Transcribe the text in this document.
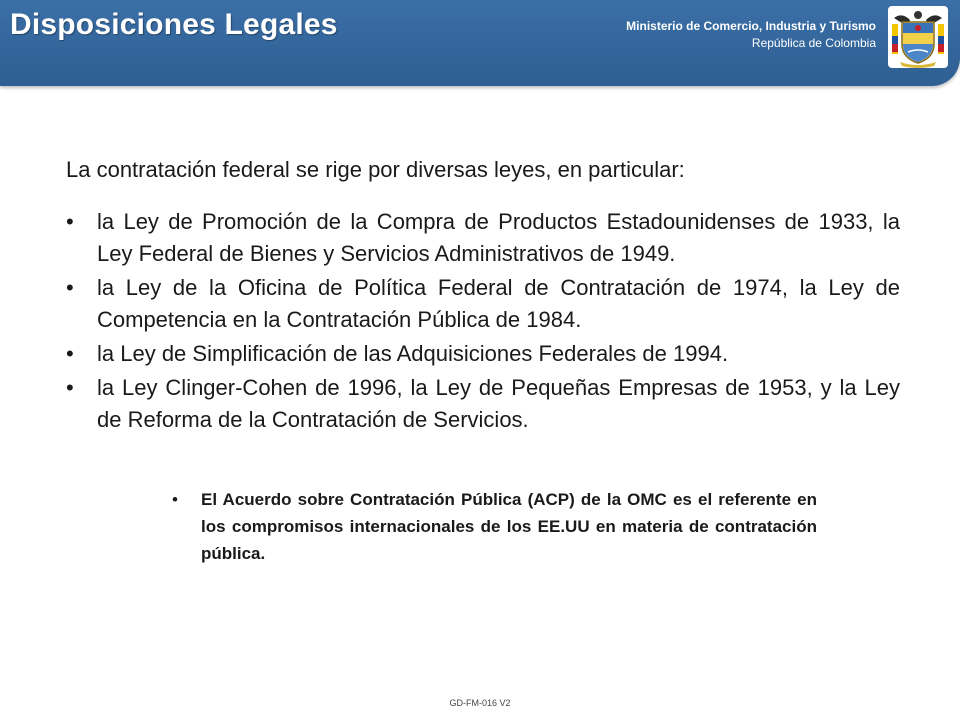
Disposiciones Legales	Ministerio de Comercio, Industria y Turismo
República de Colombia

La contratación federal se rige por diversas leyes, en particular:

• la Ley de Promoción de la Compra de Productos Estadounidenses de 1933, la Ley Federal de Bienes y Servicios Administrativos de 1949.
• la Ley de la Oficina de Política Federal de Contratación de 1974, la Ley de Competencia en la Contratación Pública de 1984.
• la Ley de Simplificación de las Adquisiciones Federales de 1994.
• la Ley Clinger-Cohen de 1996, la Ley de Pequeñas Empresas de 1953, y la Ley de Reforma de la Contratación de Servicios.
• El Acuerdo sobre Contratación Pública (ACP) de la OMC es el referente en los compromisos internacionales de los EE.UU en materia de contratación pública.
GD-FM-016 V2
